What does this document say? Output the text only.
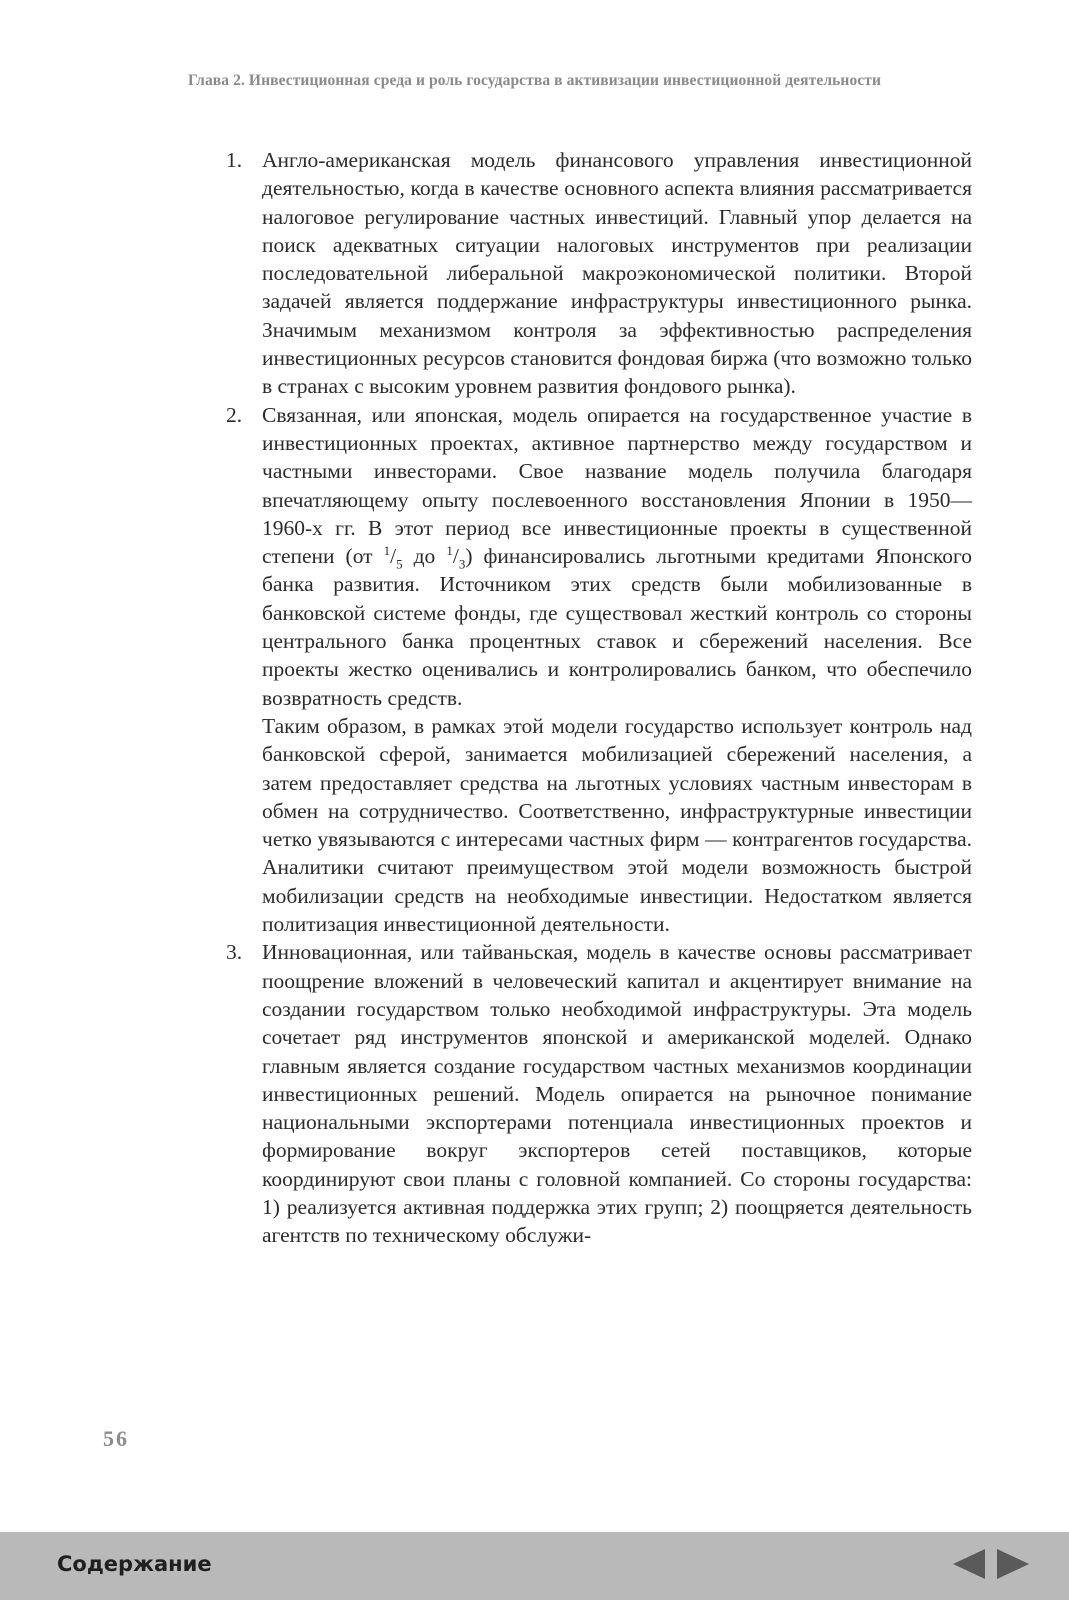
Глава 2. Инвестиционная среда и роль государства в активизации инвестиционной деятельности
1. Англо-американская модель финансового управления инвестиционной деятельностью, когда в качестве основного аспекта влияния рассматривается налоговое регулирование частных инвестиций. Главный упор делается на поиск адекватных ситуации налоговых инструментов при реализации последовательной либеральной макроэкономической политики. Второй задачей является поддержание инфраструктуры инвестиционного рынка. Значимым механизмом контроля за эффективностью распределения инвестиционных ресурсов становится фондовая биржа (что возможно только в странах с высоким уровнем развития фондового рынка).

2. Связанная, или японская, модель опирается на государственное участие в инвестиционных проектах, активное партнерство между государством и частными инвесторами. Свое название модель получила благодаря впечатляющему опыту послевоенного восстановления Японии в 1950—1960-х гг. В этот период все инвестиционные проекты в существенной степени (от $^1/_5$ до $^1/_3$) финансировались льготными кредитами Японского банка развития. Источником этих средств были мобилизованные в банковской системе фонды, где существовал жесткий контроль со стороны центрального банка процентных ставок и сбережений населения. Все проекты жестко оценивались и контролировались банком, что обеспечило возвратность средств.

Таким образом, в рамках этой модели государство использует контроль над банковской сферой, занимается мобилизацией сбережений населения, а затем предоставляет средства на льготных условиях частным инвесторам в обмен на сотрудничество. Соответственно, инфраструктурные инвестиции четко увязываются с интересами частных фирм — контрагентов государства. Аналитики считают преимуществом этой модели возможность быстрой мобилизации средств на необходимые инвестиции. Недостатком является политизация инвестиционной деятельности.

3. Инновационная, или тайваньская, модель в качестве основы рассматривает поощрение вложений в человеческий капитал и акцентирует внимание на создании государством только необходимой инфраструктуры. Эта модель сочетает ряд инструментов японской и американской моделей. Однако главным является создание государством частных механизмов координации инвестиционных решений. Модель опирается на рыночное понимание национальными экспортерами потенциала инвестиционных проектов и формирование вокруг экспортеров сетей поставщиков, которые координируют свои планы с головной компанией. Со стороны государства: 1) реализуется активная поддержка этих групп; 2) поощряется деятельность агентств по техническому обслужи-

56
Содержание
